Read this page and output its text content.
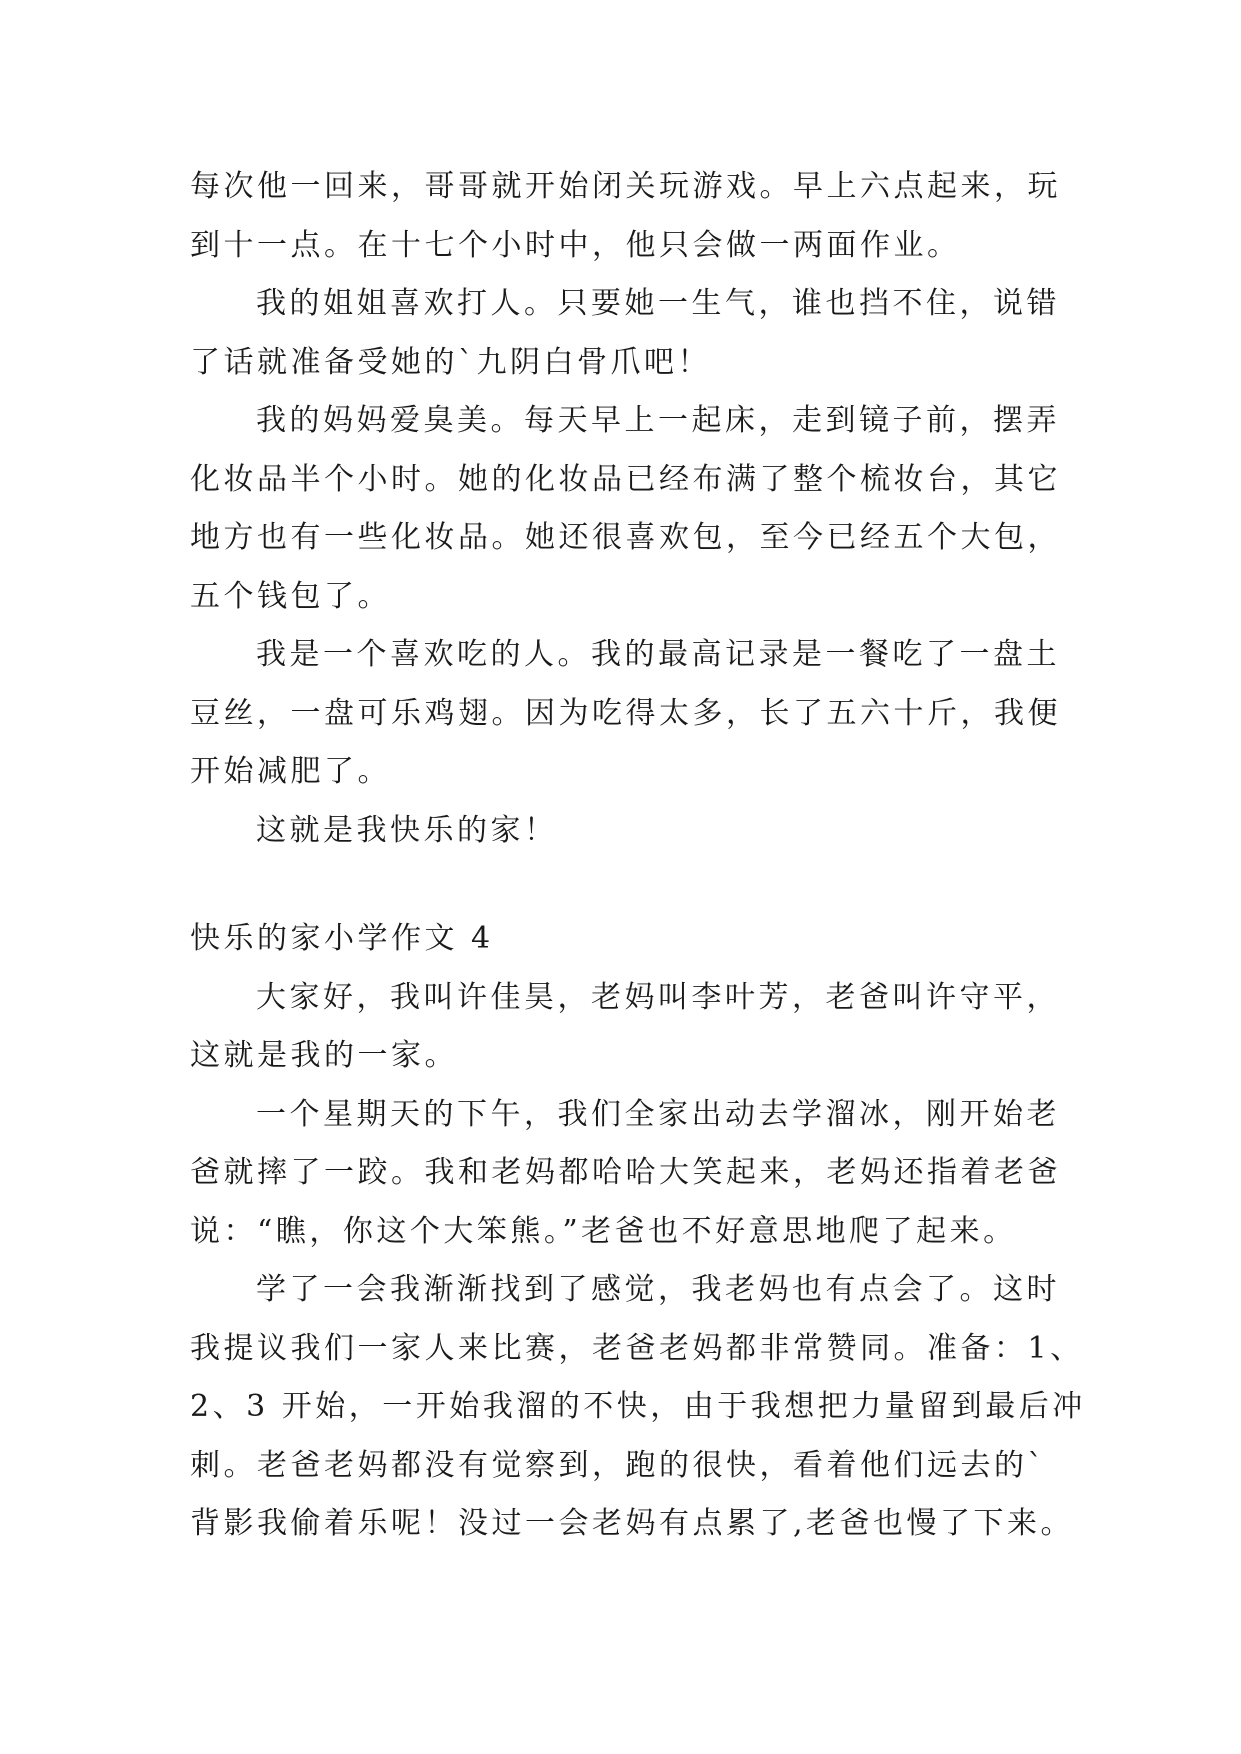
每次他一回来，哥哥就开始闭关玩游戏。早上六点起来，玩
到十一点。在十七个小时中，他只会做一两面作业。
我的姐姐喜欢打人。只要她一生气，谁也挡不住，说错
了话就准备受她的`九阴白骨爪吧！
我的妈妈爱臭美。每天早上一起床，走到镜子前，摆弄
化妆品半个小时。她的化妆品已经布满了整个梳妆台，其它
地方也有一些化妆品。她还很喜欢包，至今已经五个大包，
五个钱包了。
我是一个喜欢吃的人。我的最高记录是一餐吃了一盘土
豆丝，一盘可乐鸡翅。因为吃得太多，长了五六十斤，我便
开始减肥了。
这就是我快乐的家！
快乐的家小学作文 4
大家好，我叫许佳昊，老妈叫李叶芳，老爸叫许守平，
这就是我的一家。
一个星期天的下午，我们全家出动去学溜冰，刚开始老
爸就摔了一跤。我和老妈都哈哈大笑起来，老妈还指着老爸
说：“瞧，你这个大笨熊。”老爸也不好意思地爬了起来。
学了一会我渐渐找到了感觉，我老妈也有点会了。这时
我提议我们一家人来比赛，老爸老妈都非常赞同。准备：1、
2、3 开始，一开始我溜的不快，由于我想把力量留到最后冲
刺。老爸老妈都没有觉察到，跑的很快，看着他们远去的`
背影我偷着乐呢！没过一会老妈有点累了,老爸也慢了下来。
